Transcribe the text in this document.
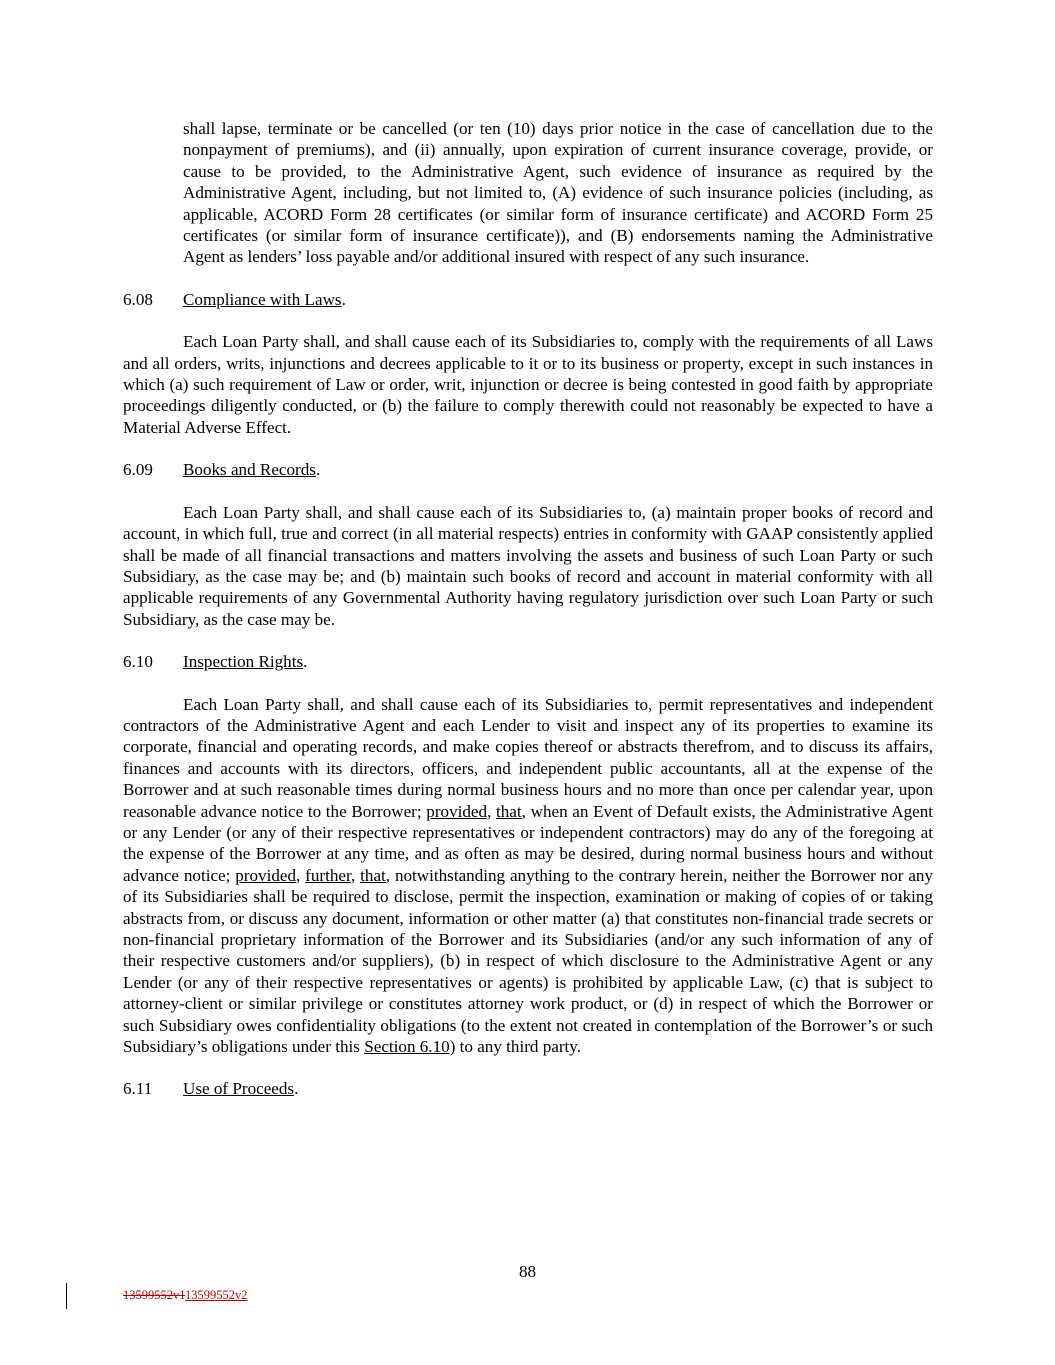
shall lapse, terminate or be cancelled (or ten (10) days prior notice in the case of cancellation due to the nonpayment of premiums), and (ii) annually, upon expiration of current insurance coverage, provide, or cause to be provided, to the Administrative Agent, such evidence of insurance as required by the Administrative Agent, including, but not limited to, (A) evidence of such insurance policies (including, as applicable, ACORD Form 28 certificates (or similar form of insurance certificate) and ACORD Form 25 certificates (or similar form of insurance certificate)), and (B) endorsements naming the Administrative Agent as lenders’ loss payable and/or additional insured with respect of any such insurance.

6.08	Compliance with Laws.

Each Loan Party shall, and shall cause each of its Subsidiaries to, comply with the requirements of all Laws and all orders, writs, injunctions and decrees applicable to it or to its business or property, except in such instances in which (a) such requirement of Law or order, writ, injunction or decree is being contested in good faith by appropriate proceedings diligently conducted, or (b) the failure to comply therewith could not reasonably be expected to have a Material Adverse Effect.

6.09	Books and Records.

Each Loan Party shall, and shall cause each of its Subsidiaries to, (a) maintain proper books of record and account, in which full, true and correct (in all material respects) entries in conformity with GAAP consistently applied shall be made of all financial transactions and matters involving the assets and business of such Loan Party or such Subsidiary, as the case may be; and (b) maintain such books of record and account in material conformity with all applicable requirements of any Governmental Authority having regulatory jurisdiction over such Loan Party or such Subsidiary, as the case may be.

6.10	Inspection Rights.

Each Loan Party shall, and shall cause each of its Subsidiaries to, permit representatives and independent contractors of the Administrative Agent and each Lender to visit and inspect any of its properties to examine its corporate, financial and operating records, and make copies thereof or abstracts therefrom, and to discuss its affairs, finances and accounts with its directors, officers, and independent public accountants, all at the expense of the Borrower and at such reasonable times during normal business hours and no more than once per calendar year, upon reasonable advance notice to the Borrower; provided, that, when an Event of Default exists, the Administrative Agent or any Lender (or any of their respective representatives or independent contractors) may do any of the foregoing at the expense of the Borrower at any time, and as often as may be desired, during normal business hours and without advance notice; provided, further, that, notwithstanding anything to the contrary herein, neither the Borrower nor any of its Subsidiaries shall be required to disclose, permit the inspection, examination or making of copies of or taking abstracts from, or discuss any document, information or other matter (a) that constitutes non-financial trade secrets or non-financial proprietary information of the Borrower and its Subsidiaries (and/or any such information of any of their respective customers and/or suppliers), (b) in respect of which disclosure to the Administrative Agent or any Lender (or any of their respective representatives or agents) is prohibited by applicable Law, (c) that is subject to attorney-client or similar privilege or constitutes attorney work product, or (d) in respect of which the Borrower or such Subsidiary owes confidentiality obligations (to the extent not created in contemplation of the Borrower’s or such Subsidiary’s obligations under this Section 6.10) to any third party.

6.11	Use of Proceeds.
88
13599552v113599552v2
